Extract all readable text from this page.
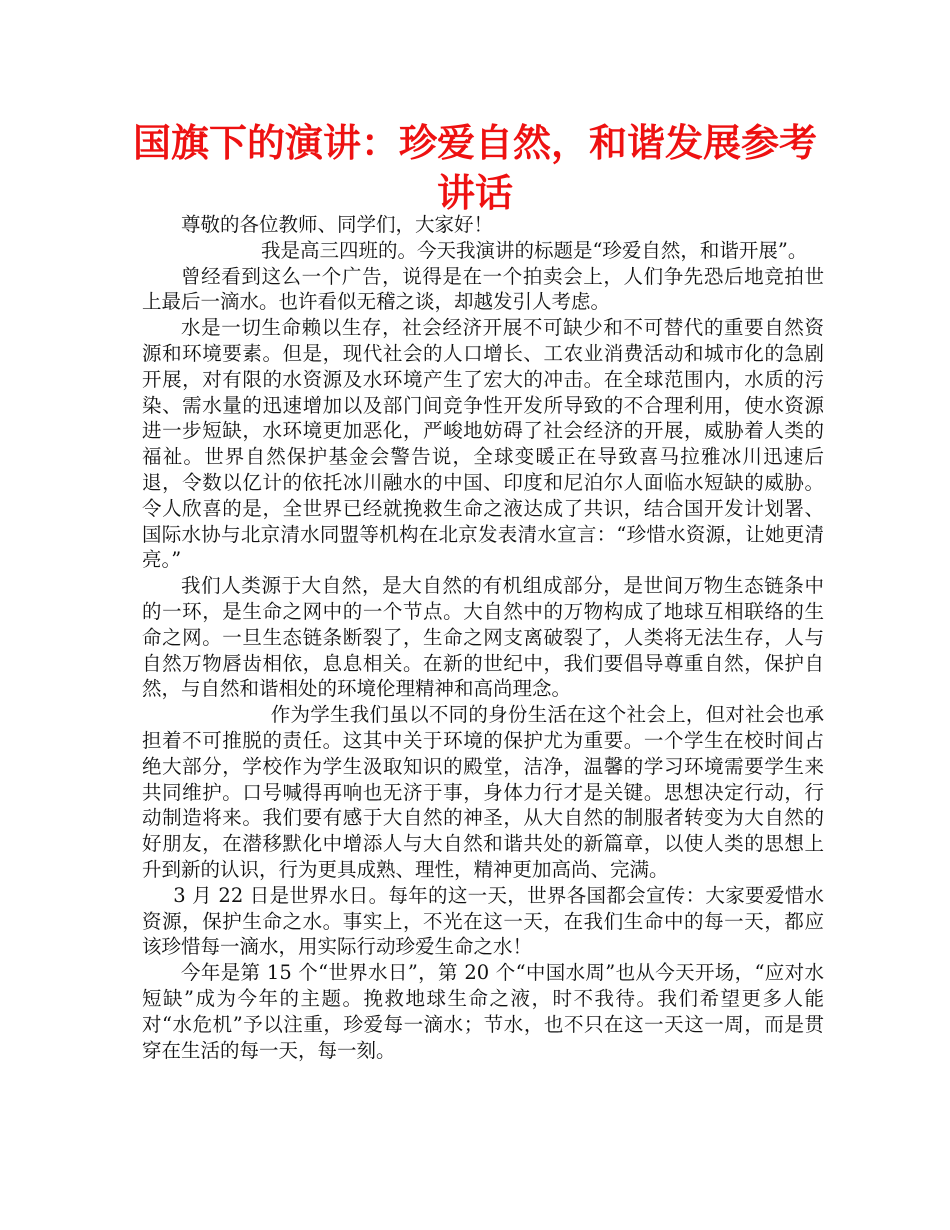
国旗下的演讲：珍爱自然，和谐发展参考讲话

尊敬的各位教师、同学们，大家好！

我是高三四班的。今天我演讲的标题是“珍爱自然，和谐开展”。

曾经看到这么一个广告，说得是在一个拍卖会上，人们争先恐后地竞拍世上最后一滴水。也许看似无稽之谈，却越发引人考虑。

水是一切生命赖以生存，社会经济开展不可缺少和不可替代的重要自然资源和环境要素。但是，现代社会的人口增长、工农业消费活动和城市化的急剧开展，对有限的水资源及水环境产生了宏大的冲击。在全球范围内，水质的污染、需水量的迅速增加以及部门间竞争性开发所导致的不合理利用，使水资源进一步短缺，水环境更加恶化，严峻地妨碍了社会经济的开展，威胁着人类的福祉。世界自然保护基金会警告说，全球变暖正在导致喜马拉雅冰川迅速后退，令数以亿计的依托冰川融水的中国、印度和尼泊尔人面临水短缺的威胁。令人欣喜的是，全世界已经就挽救生命之液达成了共识，结合国开发计划署、国际水协与北京清水同盟等机构在北京发表清水宣言：“珍惜水资源，让她更清亮。”

我们人类源于大自然，是大自然的有机组成部分，是世间万物生态链条中的一环，是生命之网中的一个节点。大自然中的万物构成了地球互相联络的生命之网。一旦生态链条断裂了，生命之网支离破裂了，人类将无法生存，人与自然万物唇齿相依，息息相关。在新的世纪中，我们要倡导尊重自然，保护自然，与自然和谐相处的环境伦理精神和高尚理念。

作为学生我们虽以不同的身份生活在这个社会上，但对社会也承担着不可推脱的责任。这其中关于环境的保护尤为重要。一个学生在校时间占绝大部分，学校作为学生汲取知识的殿堂，洁净，温馨的学习环境需要学生来共同维护。口号喊得再响也无济于事，身体力行才是关键。思想决定行动，行动制造将来。我们要有感于大自然的神圣，从大自然的制服者转变为大自然的好朋友，在潜移默化中增添人与大自然和谐共处的新篇章，以使人类的思想上升到新的认识，行为更具成熟、理性，精神更加高尚、完满。

3 月 22 日是世界水日。每年的这一天，世界各国都会宣传：大家要爱惜水资源，保护生命之水。事实上，不光在这一天，在我们生命中的每一天，都应该珍惜每一滴水，用实际行动珍爱生命之水！

今年是第 15 个“世界水日”，第 20 个“中国水周”也从今天开场，“应对水短缺”成为今年的主题。挽救地球生命之液，时不我待。我们希望更多人能对“水危机”予以注重，珍爱每一滴水；节水，也不只在这一天这一周，而是贯穿在生活的每一天，每一刻。
